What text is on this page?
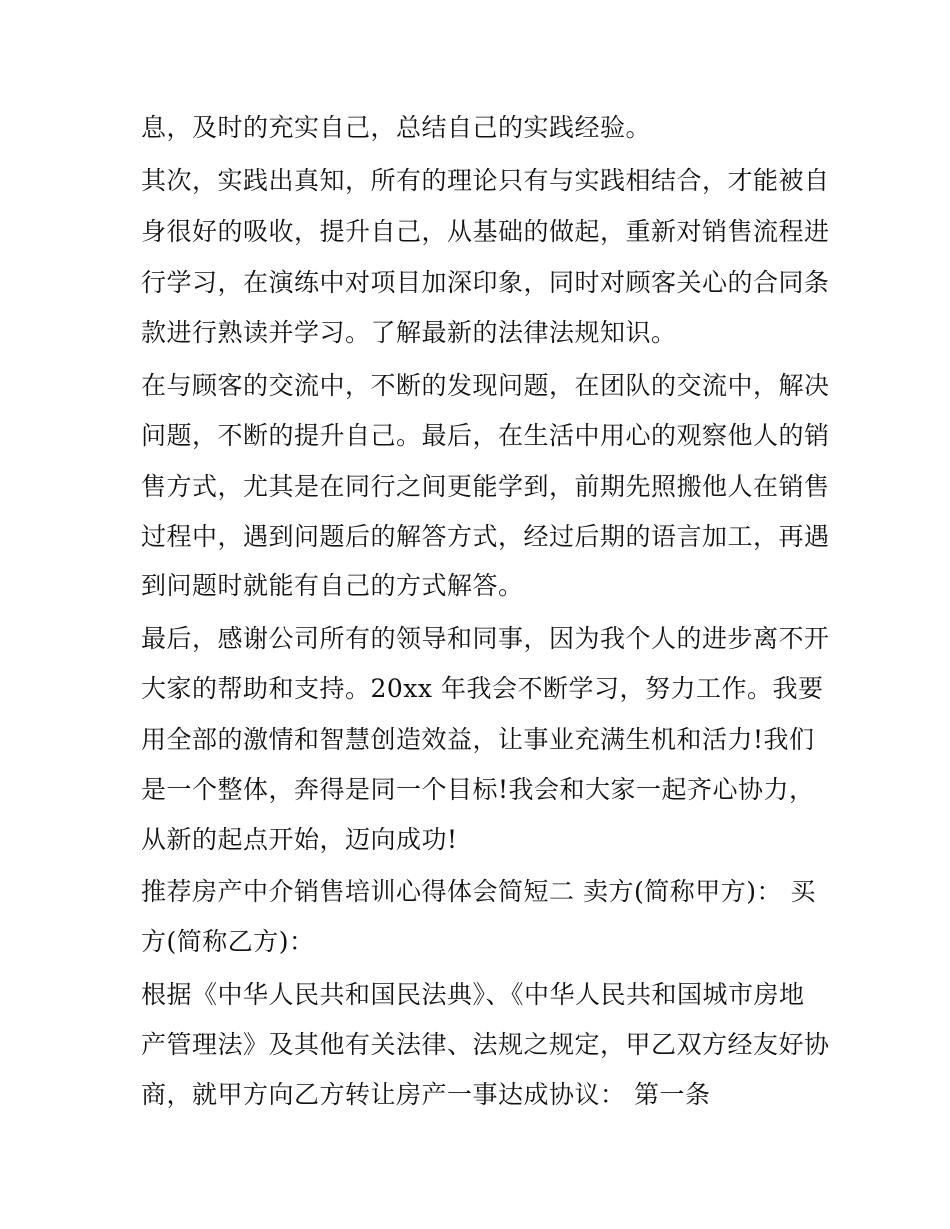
息，及时的充实自己，总结自己的实践经验。
其次，实践出真知，所有的理论只有与实践相结合，才能被自
身很好的吸收，提升自己，从基础的做起，重新对销售流程进
行学习，在演练中对项目加深印象，同时对顾客关心的合同条
款进行熟读并学习。了解最新的法律法规知识。
在与顾客的交流中，不断的发现问题，在团队的交流中，解决
问题，不断的提升自己。最后，在生活中用心的观察他人的销
售方式，尤其是在同行之间更能学到，前期先照搬他人在销售
过程中，遇到问题后的解答方式，经过后期的语言加工，再遇
到问题时就能有自己的方式解答。
最后，感谢公司所有的领导和同事，因为我个人的进步离不开
大家的帮助和支持。20xx 年我会不断学习，努力工作。我要
用全部的激情和智慧创造效益，让事业充满生机和活力!我们
是一个整体，奔得是同一个目标!我会和大家一起齐心协力，
从新的起点开始，迈向成功!
推荐房产中介销售培训心得体会简短二 卖方(简称甲方)： 买
方(简称乙方)：
根据《中华人民共和国民法典》、《中华人民共和国城市房地
产管理法》及其他有关法律、法规之规定，甲乙双方经友好协
商，就甲方向乙方转让房产一事达成协议： 第一条
